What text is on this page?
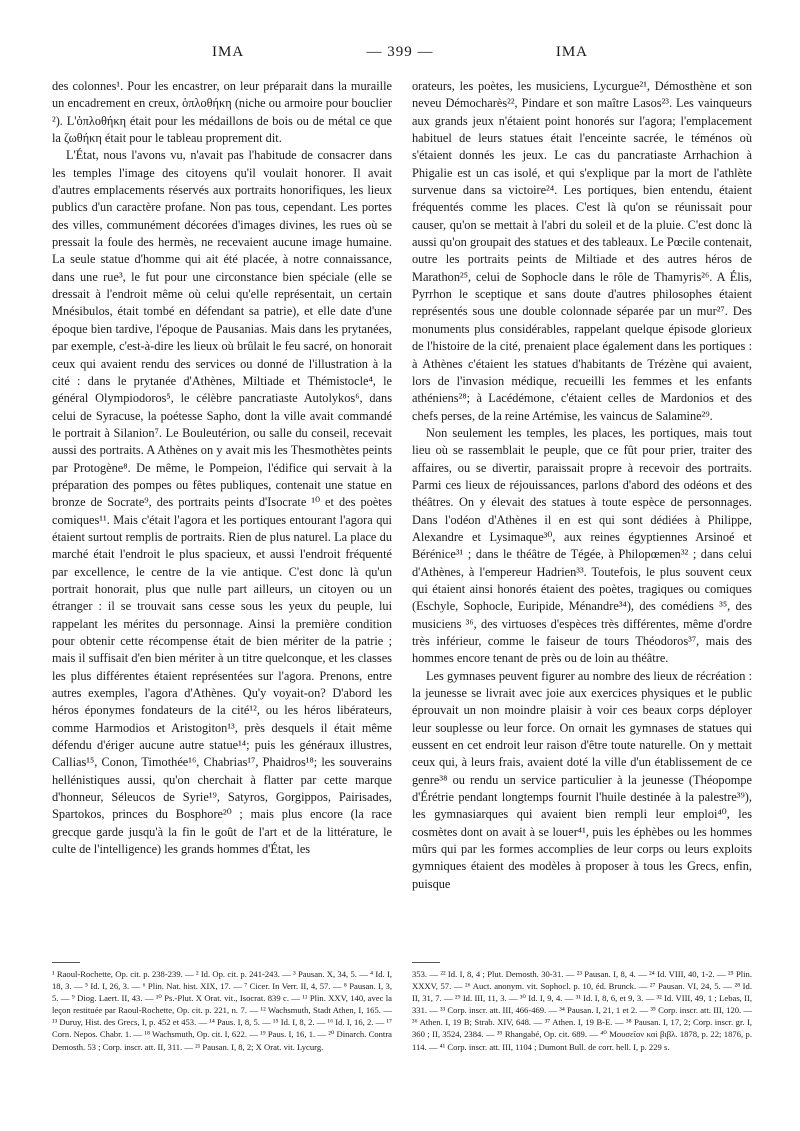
IMA	— 399 —	IMA

des colonnes¹. Pour les encastrer, on leur préparait dans la muraille un encadrement en creux, ὁπλοθήκη (niche ou armoire pour bouclier ²). L'ὁπλοθήκη était pour les médaillons de bois ou de métal ce que la ζωθήκη était pour le tableau proprement dit.

L'État, nous l'avons vu, n'avait pas l'habitude de consacrer dans les temples l'image des citoyens qu'il voulait honorer. Il avait d'autres emplacements réservés aux portraits honorifiques, les lieux publics d'un caractère profane. Non pas tous, cependant. Les portes des villes, communément décorées d'images divines, les rues où se pressait la foule des hermès, ne recevaient aucune image humaine. La seule statue d'homme qui ait été placée, à notre connaissance, dans une rue³, le fut pour une circonstance bien spéciale (elle se dressait à l'endroit même où celui qu'elle représentait, un certain Mnésibulos, était tombé en défendant sa patrie), et elle date d'une époque bien tardive, l'époque de Pausanias. Mais dans les prytanées, par exemple, c'est-à-dire les lieux où brûlait le feu sacré, on honorait ceux qui avaient rendu des services ou donné de l'illustration à la cité : dans le prytanée d'Athènes, Miltiade et Thémistocle⁴, le général Olympiodoros⁵, le célèbre pancratiaste Autolykos⁶, dans celui de Syracuse, la poétesse Sapho, dont la ville avait commandé le portrait à Silanion⁷. Le Bouleutérion, ou salle du conseil, recevait aussi des portraits. A Athènes on y avait mis les Thesmothètes peints par Protogène⁸. De même, le Pompeion, l'édifice qui servait à la préparation des pompes ou fêtes publiques, contenait une statue en bronze de Socrate⁹, des portraits peints d'Isocrate ¹⁰ et des poètes comiques¹¹. Mais c'était l'agora et les portiques entourant l'agora qui étaient surtout remplis de portraits. Rien de plus naturel. La place du marché était l'endroit le plus spacieux, et aussi l'endroit fréquenté par excellence, le centre de la vie antique. C'est donc là qu'un portrait honorait, plus que nulle part ailleurs, un citoyen ou un étranger : il se trouvait sans cesse sous les yeux du peuple, lui rappelant les mérites du personnage. Ainsi la première condition pour obtenir cette récompense était de bien mériter de la patrie ; mais il suffisait d'en bien mériter à un titre quelconque, et les classes les plus différentes étaient représentées sur l'agora. Prenons, entre autres exemples, l'agora d'Athènes. Qu'y voyait-on? D'abord les héros éponymes fondateurs de la cité¹², ou les héros libérateurs, comme Harmodios et Aristogiton¹³, près desquels il était même défendu d'ériger aucune autre statue¹⁴; puis les généraux illustres, Callias¹⁵, Conon, Timothée¹⁶, Chabrias¹⁷, Phaidros¹⁸; les souverains hellénistiques aussi, qu'on cherchait à flatter par cette marque d'honneur, Séleucos de Syrie¹⁹, Satyros, Gorgippos, Pairisades, Spartokos, princes du Bosphore²⁰ ; mais plus encore (la race grecque garde jusqu'à la fin le goût de l'art et de la littérature, le culte de l'intelligence) les grands hommes d'État, les

orateurs, les poètes, les musiciens, Lycurgue²¹, Démosthène et son neveu Démocharès²², Pindare et son maître Lasos²³. Les vainqueurs aux grands jeux n'étaient point honorés sur l'agora; l'emplacement habituel de leurs statues était l'enceinte sacrée, le téménos où s'étaient donnés les jeux. Le cas du pancratiaste Arrhachion à Phigalie est un cas isolé, et qui s'explique par la mort de l'athlète survenue dans sa victoire²⁴. Les portiques, bien entendu, étaient fréquentés comme les places. C'est là qu'on se réunissait pour causer, qu'on se mettait à l'abri du soleil et de la pluie. C'est donc là aussi qu'on groupait des statues et des tableaux. Le Pœcile contenait, outre les portraits peints de Miltiade et des autres héros de Marathon²⁵, celui de Sophocle dans le rôle de Thamyris²⁶. A Élis, Pyrrhon le sceptique et sans doute d'autres philosophes étaient représentés sous une double colonnade séparée par un mur²⁷. Des monuments plus considérables, rappelant quelque épisode glorieux de l'histoire de la cité, prenaient place également dans les portiques : à Athènes c'étaient les statues d'habitants de Trézène qui avaient, lors de l'invasion médique, recueilli les femmes et les enfants athéniens²⁸; à Lacédémone, c'étaient celles de Mardonios et des chefs perses, de la reine Artémise, les vaincus de Salamine²⁹.

Non seulement les temples, les places, les portiques, mais tout lieu où se rassemblait le peuple, que ce fût pour prier, traiter des affaires, ou se divertir, paraissait propre à recevoir des portraits. Parmi ces lieux de réjouissances, parlons d'abord des odéons et des théâtres. On y élevait des statues à toute espèce de personnages. Dans l'odéon d'Athènes il en est qui sont dédiées à Philippe, Alexandre et Lysimaque³⁰, aux reines égyptiennes Arsinoé et Bérénice³¹ ; dans le théâtre de Tégée, à Philopœmen³² ; dans celui d'Athènes, à l'empereur Hadrien³³. Toutefois, le plus souvent ceux qui étaient ainsi honorés étaient des poètes, tragiques ou comiques (Eschyle, Sophocle, Euripide, Ménandre³⁴), des comédiens ³⁵, des musiciens ³⁶, des virtuoses d'espèces très différentes, même d'ordre très inférieur, comme le faiseur de tours Théodoros³⁷, mais des hommes encore tenant de près ou de loin au théâtre.

Les gymnases peuvent figurer au nombre des lieux de récréation : la jeunesse se livrait avec joie aux exercices physiques et le public éprouvait un non moindre plaisir à voir ces beaux corps déployer leur souplesse ou leur force. On ornait les gymnases de statues qui eussent en cet endroit leur raison d'être toute naturelle. On y mettait ceux qui, à leurs frais, avaient doté la ville d'un établissement de ce genre³⁸ ou rendu un service particulier à la jeunesse (Théopompe d'Érétrie pendant longtemps fournit l'huile destinée à la palestre³⁹), les gymnasiarques qui avaient bien rempli leur emploi⁴⁰, les cosmètes dont on avait à se louer⁴¹, puis les éphèbes ou les hommes mûrs qui par les formes accomplies de leur corps ou leurs exploits gymniques étaient des modèles à proposer à tous les Grecs, enfin, puisque

¹ Raoul-Rochette, Op. cit. p. 238-239. — ² Id. Op. cit. p. 241-243. — ³ Pausan. X, 34, 5. — ⁴ Id. I, 18, 3. — ⁵ Id. I, 26, 3. — ⁶ Plin. Nat. hist. XIX, 17. — ⁷ Cicer. In Verr. II, 4, 57. — ⁸ Pausan. I, 3, 5. — ⁹ Diog. Laert. II, 43. — ¹⁰ Ps.-Plut. X Orat. vit., Isocrat. 839 c. — ¹¹ Plin. XXV, 140, avec la leçon restituée par Raoul-Rochette, Op. cit. p. 221, n. 7. — ¹² Wachsmuth, Stadt Athen, I, 165. — ¹³ Duruy, Hist. des Grecs, I, p. 452 et 453. — ¹⁴ Paus. I, 8, 5. — ¹⁵ Id. I, 8, 2. — ¹⁶ Id. I, 16, 2. — ¹⁷ Corn. Nepos. Chabr. 1. — ¹⁸ Wachsmuth, Op. cit. I, 622. — ¹⁹ Paus. I, 16, 1. — ²⁰ Dinarch. Contra Demosth. 53 ; Corp. inscr. att. II, 311. — ²¹ Pausan. I, 8, 2; X Orat. vit. Lycurg.

353. — ²² Id. I, 8, 4 ; Plut. Demosth. 30-31. — ²³ Pausan. I, 8, 4. — ²⁴ Id. VIII, 40, 1-2. — ²⁵ Plin. XXXV, 57. — ²⁶ Auct. anonym. vit. Sophocl. p. 10, éd. Brunck. — ²⁷ Pausan. VI, 24, 5. — ²⁸ Id. II, 31, 7. — ²⁹ Id. III, 11, 3. — ³⁰ Id. I, 9, 4. — ³¹ Id. I, 8, 6, et 9, 3. — ³² Id. VIII, 49, 1 ; Lebas, II, 331. — ³³ Corp. inscr. att. III, 466-469. — ³⁴ Pausan. I, 21, 1 et 2. — ³⁵ Corp. inscr. att. III, 120. — ³⁶ Athen. I, 19 B; Strab. XIV, 648. — ³⁷ Athen. I, 19 B-E. — ³⁸ Pausan. I, 17, 2; Corp. inscr. gr. I, 360 ; II, 3524, 2384. — ³⁹ Rhangabé, Op. cit. 689. — ⁴⁰ Μουσεῖον καὶ βιβλ. 1878, p. 22; 1876, p. 114. — ⁴¹ Corp. inscr. att. III, 1104 ; Dumont Bull. de corr. hell. I, p. 229 s.
